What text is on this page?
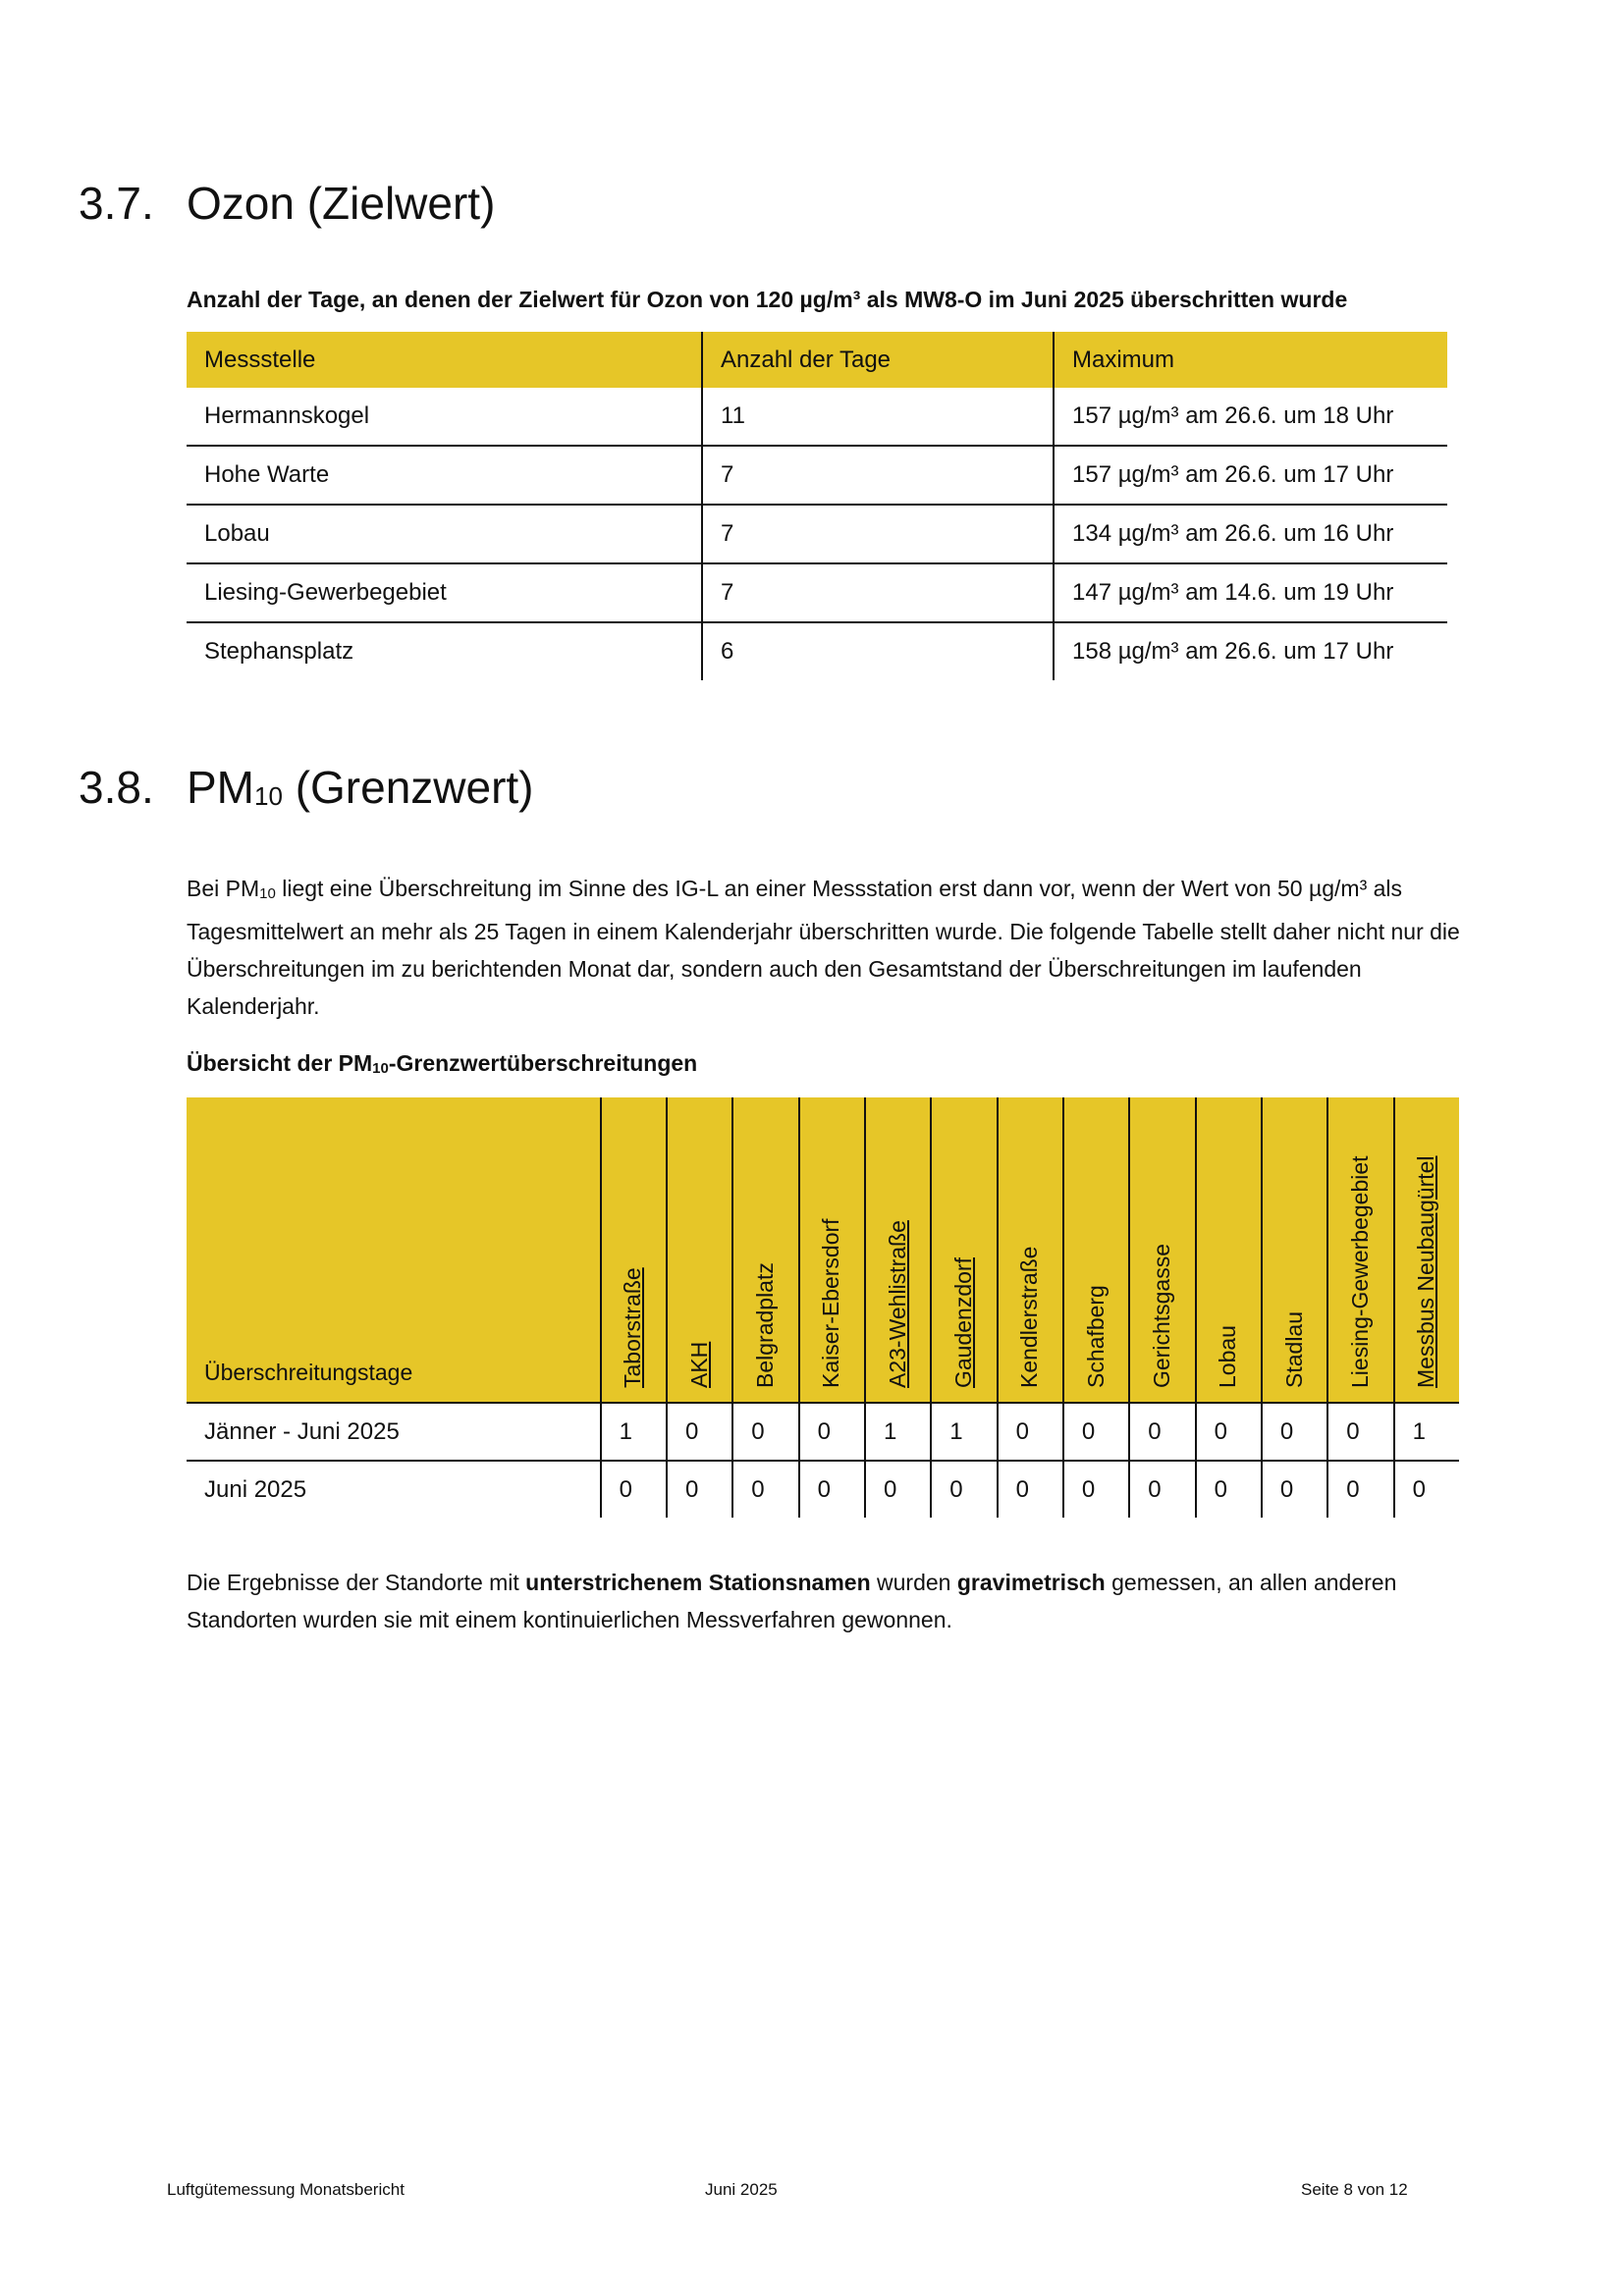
3.7. Ozon (Zielwert)

Anzahl der Tage, an denen der Zielwert für Ozon von 120 µg/m³ als MW8-O im Juni 2025 überschritten wurde

Messstelle	Anzahl der Tage	Maximum
Hermannskogel	11	157 µg/m³ am 26.6. um 18 Uhr
Hohe Warte	7	157 µg/m³ am 26.6. um 17 Uhr
Lobau	7	134 µg/m³ am 26.6. um 16 Uhr
Liesing-Gewerbegebiet	7	147 µg/m³ am 14.6. um 19 Uhr
Stephansplatz	6	158 µg/m³ am 26.6. um 17 Uhr
3.8. $PM_{10}$ (Grenzwert)

Bei $PM_{10}$ liegt eine Überschreitung im Sinne des IG-L an einer Messstation erst dann vor, wenn der Wert von 50 µg/m³ als Tagesmittelwert an mehr als 25 Tagen in einem Kalenderjahr überschritten wurde. Die folgende Tabelle stellt daher nicht nur die Überschreitungen im zu berichtenden Monat dar, sondern auch den Gesamtstand der Überschreitungen im laufenden Kalenderjahr.

Übersicht der $PM_{10}$-Grenzwertüberschreitungen

Überschreitungstage	Taborstraße	AKH	Belgradplatz	Kaiser-Ebersdorf	A23-Wehlistraße	Gaudenzdorf	Kendlerstraße	Schafberg	Gerichtsgasse	Lobau	Stadlau	Liesing-Gewerbegebiet	Messbus Neubaugürtel

Jänner - Juni 2025	1	0	0	0	1	1	0	0	0	0	0	0	1
Juni 2025	0	0	0	0	0	0	0	0	0	0	0	0	0

Die Ergebnisse der Standorte mit unterstrichenem Stationsnamen wurden gravimetrisch gemessen, an allen anderen Standorten wurden sie mit einem kontinuierlichen Messverfahren gewonnen.

Luftgütemessung Monatsbericht	Juni 2025	Seite 8 von 12
